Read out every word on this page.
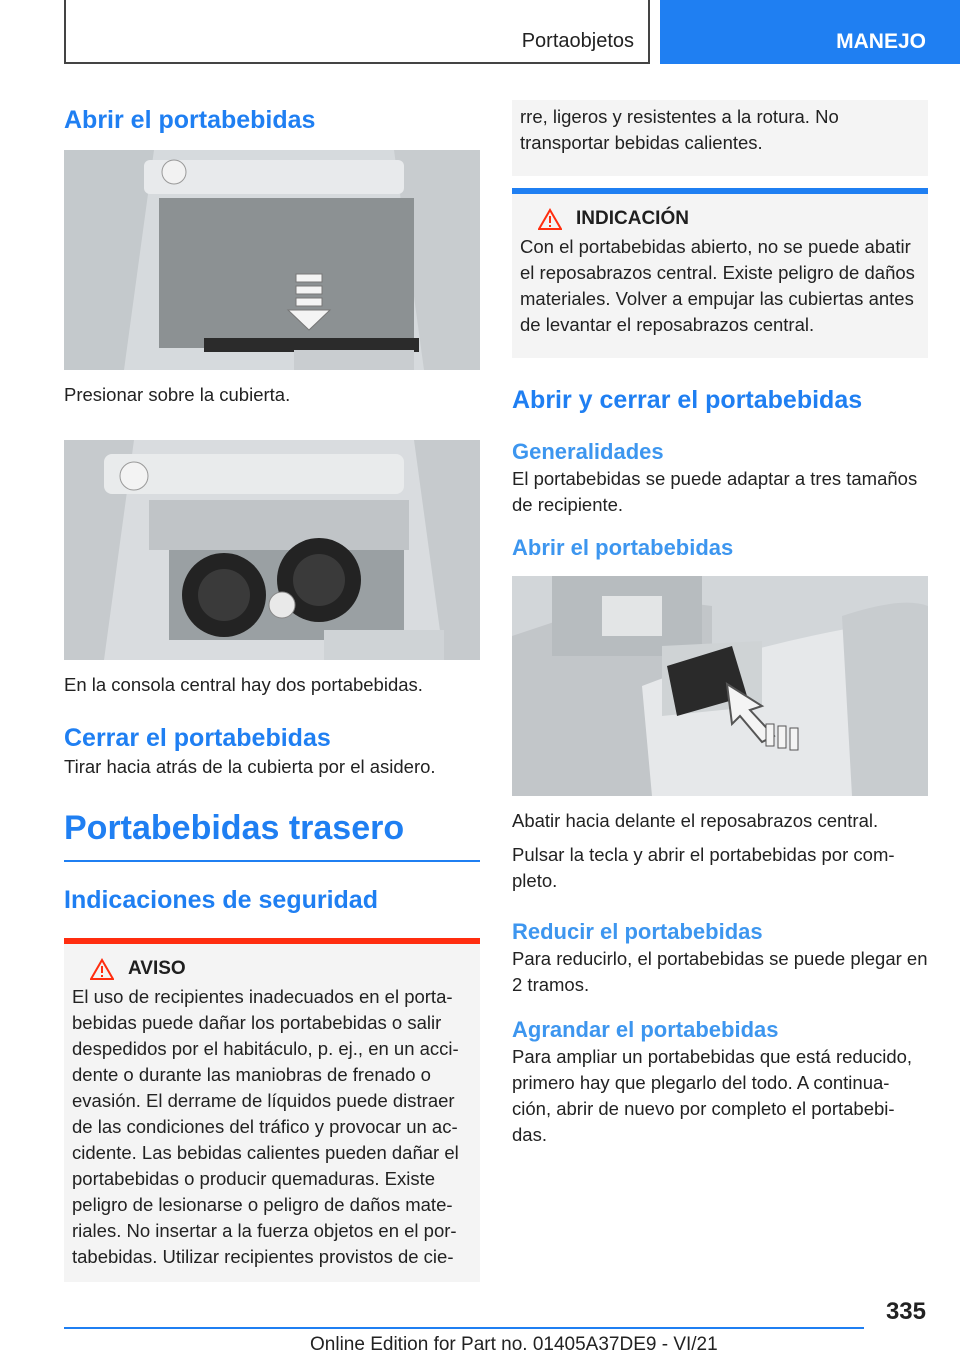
Portaobjetos	MANEJO
Abrir el portabebidas

Presionar sobre la cubierta.

En la consola central hay dos portabebidas.

Cerrar el portabebidas

Tirar hacia atrás de la cubierta por el asidero.

Portabebidas trasero
Indicaciones de seguridad
AVISO

El uso de recipientes inadecuados en el porta-bebidas puede dañar los portabebidas o salir despedidos por el habitáculo, p. ej., en un acci-dente o durante las maniobras de frenado o evasión. El derrame de líquidos puede distraer de las condiciones del tráfico y provocar un ac-cidente. Las bebidas calientes pueden dañar el portabebidas o producir quemaduras. Existe peligro de lesionarse o peligro de daños mate-riales. No insertar a la fuerza objetos en el por-tabebidas. Utilizar recipientes provistos de cie-

rre, ligeros y resistentes a la rotura. No transportar bebidas calientes.

INDICACIÓN

Con el portabebidas abierto, no se puede abatir el reposabrazos central. Existe peligro de daños materiales. Volver a empujar las cubiertas antes de levantar el reposabrazos central.

Abrir y cerrar el portabebidas
Generalidades

El portabebidas se puede adaptar a tres tamaños de recipiente.

Abrir el portabebidas

Abatir hacia delante el reposabrazos central.

Pulsar la tecla y abrir el portabebidas por com-pleto.

Reducir el portabebidas

Para reducirlo, el portabebidas se puede plegar en 2 tramos.

Agrandar el portabebidas

Para ampliar un portabebidas que está reducido, primero hay que plegarlo del todo. A continua-ción, abrir de nuevo por completo el portabebi-das.

335
Online Edition for Part no. 01405A37DE9 - VI/21
